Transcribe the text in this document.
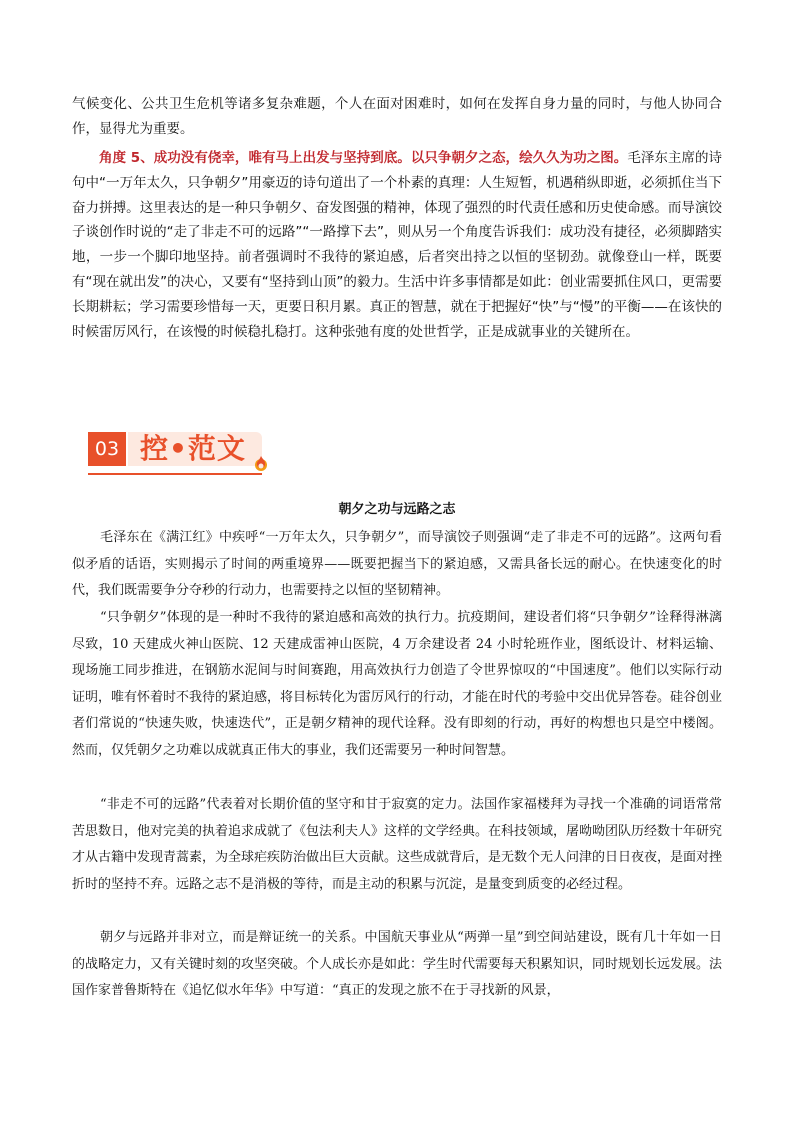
气候变化、公共卫生危机等诸多复杂难题，个人在面对困难时，如何在发挥自身力量的同时，与他人协同合作，显得尤为重要。

角度 5、成功没有侥幸，唯有马上出发与坚持到底。以只争朝夕之态，绘久久为功之图。毛泽东主席的诗句中“一万年太久，只争朝夕”用豪迈的诗句道出了一个朴素的真理：人生短暂，机遇稍纵即逝，必须抓住当下奋力拼搏。这里表达的是一种只争朝夕、奋发图强的精神，体现了强烈的时代责任感和历史使命感。而导演饺子谈创作时说的“走了非走不可的远路”“一路撑下去”，则从另一个角度告诉我们：成功没有捷径，必须脚踏实地，一步一个脚印地坚持。前者强调时不我待的紧迫感，后者突出持之以恒的坚韧劲。就像登山一样，既要有“现在就出发”的决心，又要有“坚持到山顶”的毅力。生活中许多事情都是如此：创业需要抓住风口，更需要长期耕耘；学习需要珍惜每一天，更要日积月累。真正的智慧，就在于把握好“快”与“慢”的平衡——在该快的时候雷厉风行，在该慢的时候稳扎稳打。这种张弛有度的处世哲学，正是成就事业的关键所在。

03 控•范文

朝夕之功与远路之志

毛泽东在《满江红》中疾呼“一万年太久，只争朝夕”，而导演饺子则强调“走了非走不可的远路”。这两句看似矛盾的话语，实则揭示了时间的两重境界——既要把握当下的紧迫感，又需具备长远的耐心。在快速变化的时代，我们既需要争分夺秒的行动力，也需要持之以恒的坚韧精神。

“只争朝夕”体现的是一种时不我待的紧迫感和高效的执行力。抗疫期间，建设者们将“只争朝夕”诠释得淋漓尽致，10 天建成火神山医院、12 天建成雷神山医院，4 万余建设者 24 小时轮班作业，图纸设计、材料运输、现场施工同步推进，在钢筋水泥间与时间赛跑，用高效执行力创造了令世界惊叹的“中国速度”。他们以实际行动证明，唯有怀着时不我待的紧迫感，将目标转化为雷厉风行的行动，才能在时代的考验中交出优异答卷。硅谷创业者们常说的“快速失败，快速迭代”，正是朝夕精神的现代诠释。没有即刻的行动，再好的构想也只是空中楼阁。然而，仅凭朝夕之功难以成就真正伟大的事业，我们还需要另一种时间智慧。

“非走不可的远路”代表着对长期价值的坚守和甘于寂寞的定力。法国作家福楼拜为寻找一个准确的词语常常苦思数日，他对完美的执着追求成就了《包法利夫人》这样的文学经典。在科技领域，屠呦呦团队历经数十年研究才从古籍中发现青蒿素，为全球疟疾防治做出巨大贡献。这些成就背后，是无数个无人问津的日日夜夜，是面对挫折时的坚持不弃。远路之志不是消极的等待，而是主动的积累与沉淀，是量变到质变的必经过程。

朝夕与远路并非对立，而是辩证统一的关系。中国航天事业从“两弹一星”到空间站建设，既有几十年如一日的战略定力，又有关键时刻的攻坚突破。个人成长亦是如此：学生时代需要每天积累知识，同时规划长远发展。法国作家普鲁斯特在《追忆似水年华》中写道：“真正的发现之旅不在于寻找新的风景，
